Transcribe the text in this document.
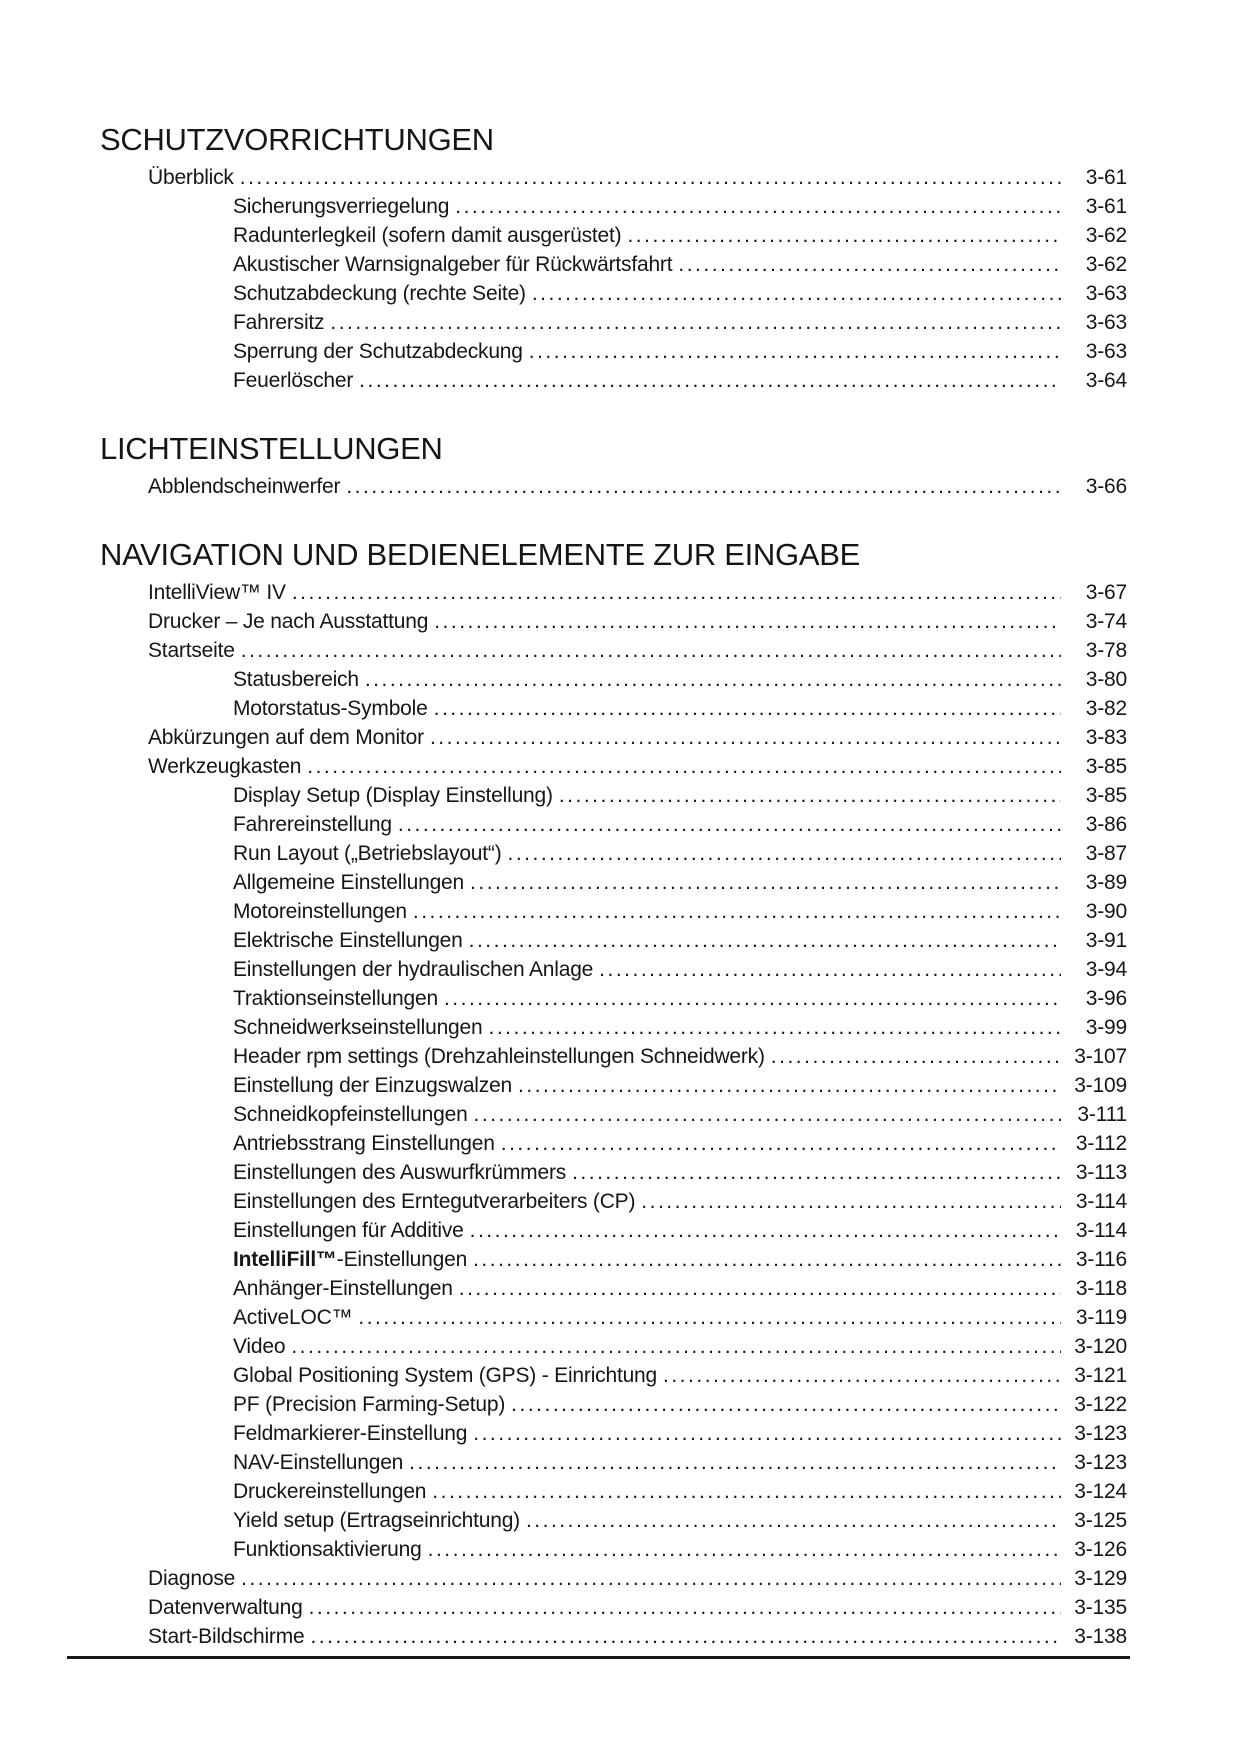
SCHUTZVORRICHTUNGEN
Überblick .....	3-61
Sicherungsverriegelung .....	3-61
Radunterlegkeil (sofern damit ausgerüstet) .....	3-62
Akustischer Warnsignalgeber für Rückwärtsfahrt .....	3-62
Schutzabdeckung (rechte Seite) .....	3-63
Fahrersitz .....	3-63
Sperrung der Schutzabdeckung .....	3-63
Feuerlöscher .....	3-64
LICHTEINSTELLUNGEN
Abblendscheinwerfer .....	3-66
NAVIGATION UND BEDIENELEMENTE ZUR EINGABE
IntelliView™ IV .....	3-67
Drucker – Je nach Ausstattung .....	3-74
Startseite .....	3-78
Statusbereich .....	3-80
Motorstatus-Symbole .....	3-82
Abkürzungen auf dem Monitor .....	3-83
Werkzeugkasten .....	3-85
Display Setup (Display Einstellung) .....	3-85
Fahrereinstellung .....	3-86
Run Layout („Betriebslayout“) .....	3-87
Allgemeine Einstellungen .....	3-89
Motoreinstellungen .....	3-90
Elektrische Einstellungen .....	3-91
Einstellungen der hydraulischen Anlage .....	3-94
Traktionseinstellungen .....	3-96
Schneidwerkseinstellungen .....	3-99
Header rpm settings (Drehzahleinstellungen Schneidwerk) .....	3-107
Einstellung der Einzugswalzen .....	3-109
Schneidkopfeinstellungen .....	3-111
Antriebsstrang Einstellungen .....	3-112
Einstellungen des Auswurfkrümmers .....	3-113
Einstellungen des Erntegutverarbeiters (CP) .....	3-114
Einstellungen für Additive .....	3-114
IntelliFill™-Einstellungen .....	3-116
Anhänger-Einstellungen .....	3-118
ActiveLOC™ .....	3-119
Video .....	3-120
Global Positioning System (GPS) - Einrichtung .....	3-121
PF (Precision Farming-Setup) .....	3-122
Feldmarkierer-Einstellung .....	3-123
NAV-Einstellungen .....	3-123
Druckereinstellungen .....	3-124
Yield setup (Ertragseinrichtung) .....	3-125
Funktionsaktivierung .....	3-126
Diagnose .....	3-129
Datenverwaltung .....	3-135
Start-Bildschirme .....	3-138
